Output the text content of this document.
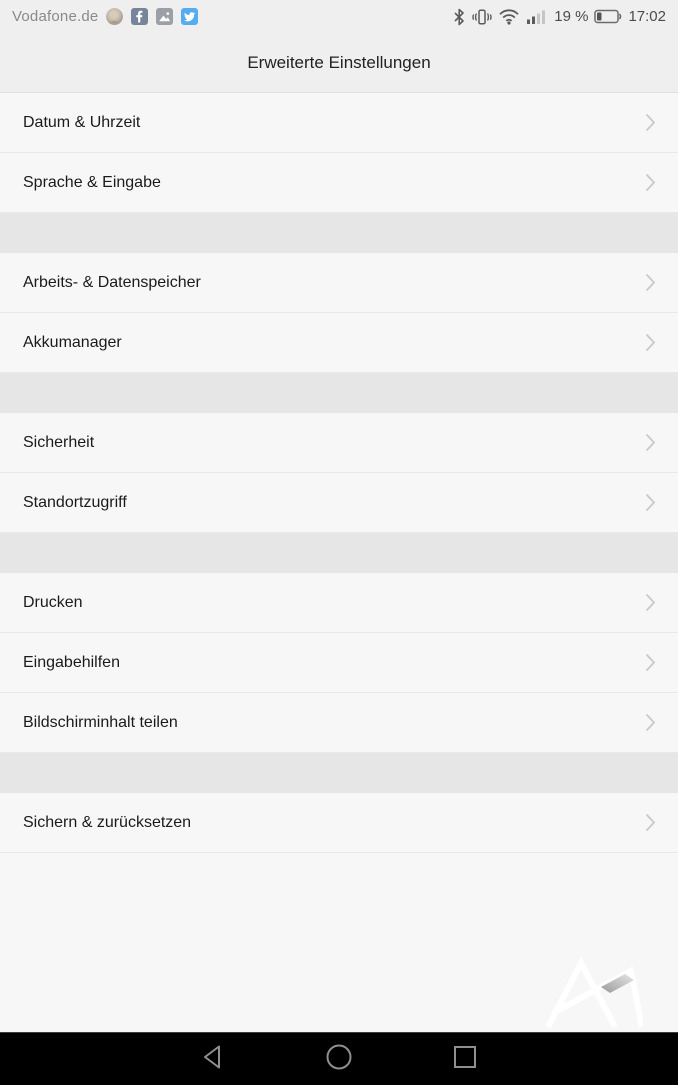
Vodafone.de	19 %	17:02
Erweiterte Einstellungen
Datum & Uhrzeit
Sprache & Eingabe
Arbeits- & Datenspeicher
Akkumanager
Sicherheit
Standortzugriff
Drucken
Eingabehilfen
Bildschirminhalt teilen
Sichern & zurücksetzen
